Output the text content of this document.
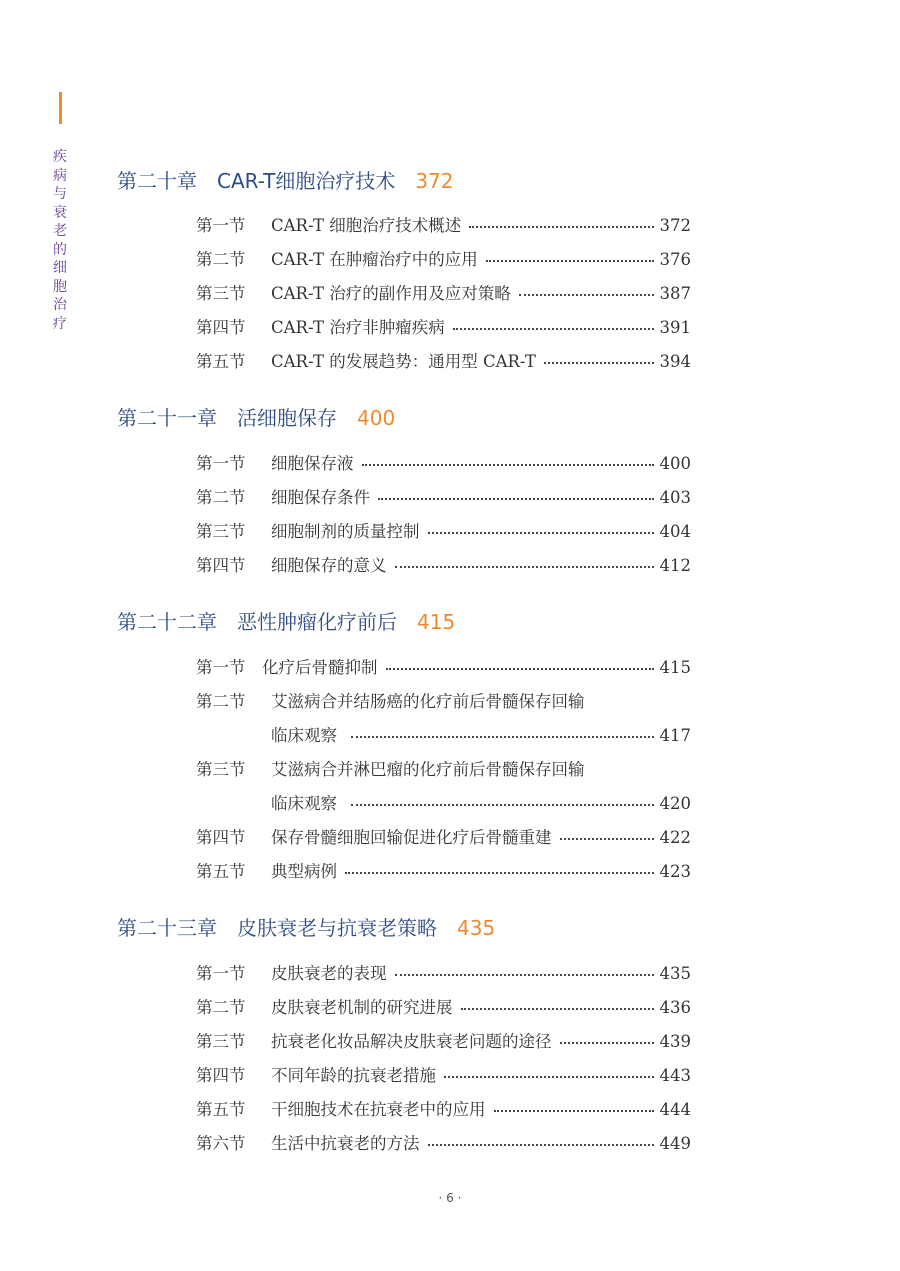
疾病与衰老的细胞治疗
第二十章 CAR-T细胞治疗技术 372
第一节	CAR-T 细胞治疗技术概述	372
第二节	CAR-T 在肿瘤治疗中的应用	376
第三节	CAR-T 治疗的副作用及应对策略	387
第四节	CAR-T 治疗非肿瘤疾病	391
第五节	CAR-T 的发展趋势：通用型 CAR-T	394
第二十一章 活细胞保存 400
第一节	细胞保存液	400
第二节	细胞保存条件	403
第三节	细胞制剂的质量控制	404
第四节	细胞保存的意义	412
第二十二章 恶性肿瘤化疗前后 415
第一节	化疗后骨髓抑制	415
第二节	艾滋病合并结肠癌的化疗前后骨髓保存回输
临床观察	417
第三节	艾滋病合并淋巴瘤的化疗前后骨髓保存回输
临床观察	420
第四节	保存骨髓细胞回输促进化疗后骨髓重建	422
第五节	典型病例	423
第二十三章 皮肤衰老与抗衰老策略 435
第一节	皮肤衰老的表现	435
第二节	皮肤衰老机制的研究进展	436
第三节	抗衰老化妆品解决皮肤衰老问题的途径	439
第四节	不同年龄的抗衰老措施	443
第五节	干细胞技术在抗衰老中的应用	444
第六节	生活中抗衰老的方法	449
· 6 ·
